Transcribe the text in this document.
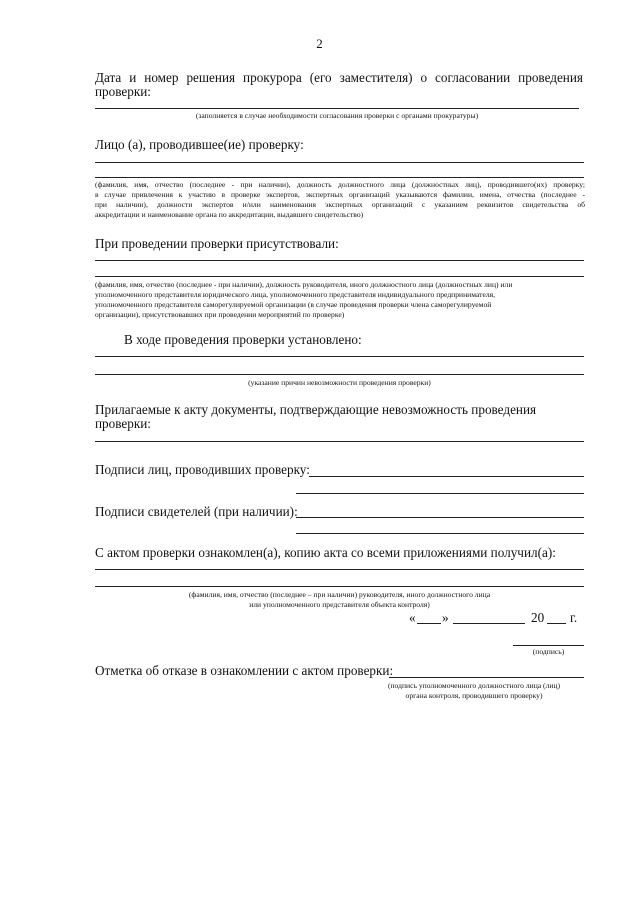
2
Дата и номер решения прокурора (его заместителя) о согласовании проведения
проверки:
(заполняется в случае необходимости согласования проверки с органами прокуратуры)
Лицо (а), проводившее(ие) проверку:
(фамилия, имя, отчество (последнее - при наличии), должность должностного лица (должностных лиц), проводившего(их) проверку;
в случае привлечения к участию в проверке экспертов, экспертных организаций указываются фамилии, имена, отчества (последнее -
при наличии), должности экспертов и/или наименования экспертных организаций с указанием реквизитов свидетельства об
аккредитации и наименование органа по аккредитации, выдавшего свидетельство)
При проведении проверки присутствовали:
(фамилия, имя, отчество (последнее - при наличии), должность руководителя, иного должностного лица (должностных лиц) или
уполномоченного представителя юридического лица, уполномоченного представителя индивидуального предпринимателя,
уполномоченного представителя саморегулируемой организации (в случае проведения проверки члена саморегулируемой
организации), присутствовавших при проведении мероприятий по проверке)
В ходе проведения проверки установлено:
(указание причин невозможности проведения проверки)
Прилагаемые к акту документы, подтверждающие невозможность проведения
проверки:
Подписи лиц, проводивших проверку:
Подписи свидетелей (при наличии):
С актом проверки ознакомлен(а), копию акта со всеми приложениями получил(а):
(фамилия, имя, отчество (последнее – при наличии) руководителя, иного должностного лица
или уполномоченного представителя объекта контроля)
« »	20 г.
(подпись)
Отметка об отказе в ознакомлении с актом проверки:
(подпись уполномоченного должностного лица (лиц)
органа контроля, проводившего проверку)
